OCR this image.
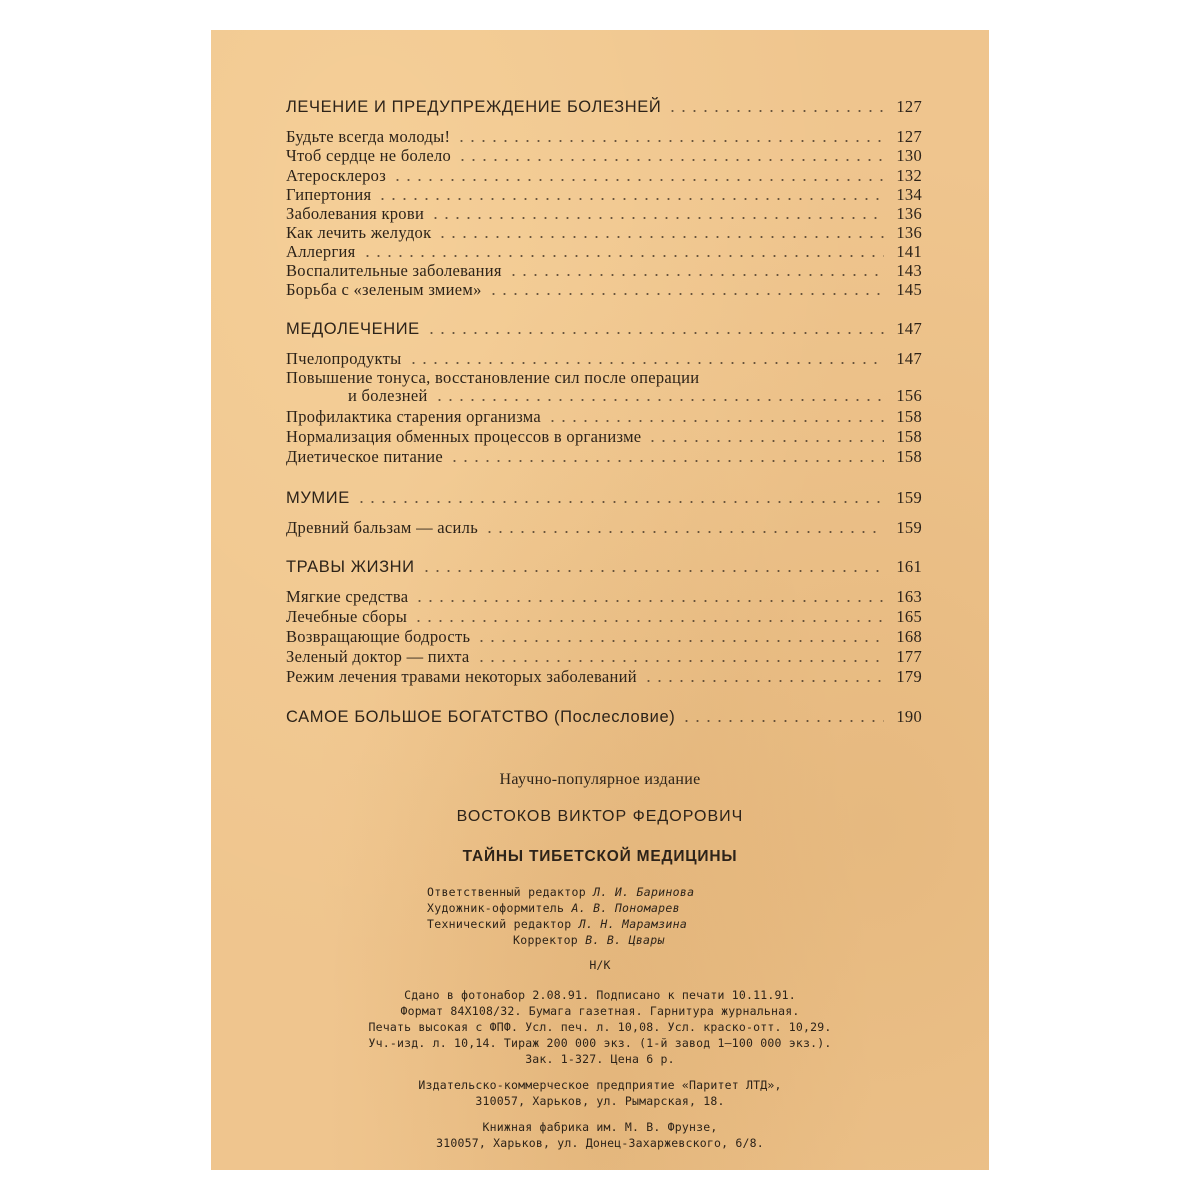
ЛЕЧЕНИЕ И ПРЕДУПРЕЖДЕНИЕ БОЛЕЗНЕЙ	127
Будьте всегда молоды!	127
Чтоб сердце не болело	130
Атеросклероз	132
Гипертония	134
Заболевания крови	136
Как лечить желудок	136
Аллергия	141
Воспалительные заболевания	143
Борьба с «зеленым змием»	145
МЕДОЛЕЧЕНИЕ	147
Пчелопродукты	147
Повышение тонуса, восстановление сил после операции
и болезней	156
Профилактика старения организма	158
Нормализация обменных процессов в организме	158
Диетическое питание	158
МУМИЕ	159
Древний бальзам — асиль	159
ТРАВЫ ЖИЗНИ	161
Мягкие средства	163
Лечебные сборы	165
Возвращающие бодрость	168
Зеленый доктор — пихта	177
Режим лечения травами некоторых заболеваний	179
САМОЕ БОЛЬШОЕ БОГАТСТВО (Послесловие)	190
Научно-популярное издание
ВОСТОКОВ ВИКТОР ФЕДОРОВИЧ
ТАЙНЫ ТИБЕТСКОЙ МЕДИЦИНЫ
Ответственный редактор Л. И. Баринова
Художник-оформитель А. В. Пономарев
Технический редактор Л. Н. Марамзина
Корректор В. В. Цвары
Н/К
Сдано в фотонабор 2.08.91. Подписано к печати 10.11.91.
Формат 84Х108/32. Бумага газетная. Гарнитура журнальная.
Печать высокая с ФПФ. Усл. печ. л. 10,08. Усл. краско-отт. 10,29.
Уч.-изд. л. 10,14. Тираж 200 000 экз. (1-й завод 1—100 000 экз.).
Зак. 1-327. Цена 6 р.
Издательско-коммерческое предприятие «Паритет ЛТД»,
310057, Харьков, ул. Рымарская, 18.
Книжная фабрика им. М. В. Фрунзе,
310057, Харьков, ул. Донец-Захаржевского, 6/8.
